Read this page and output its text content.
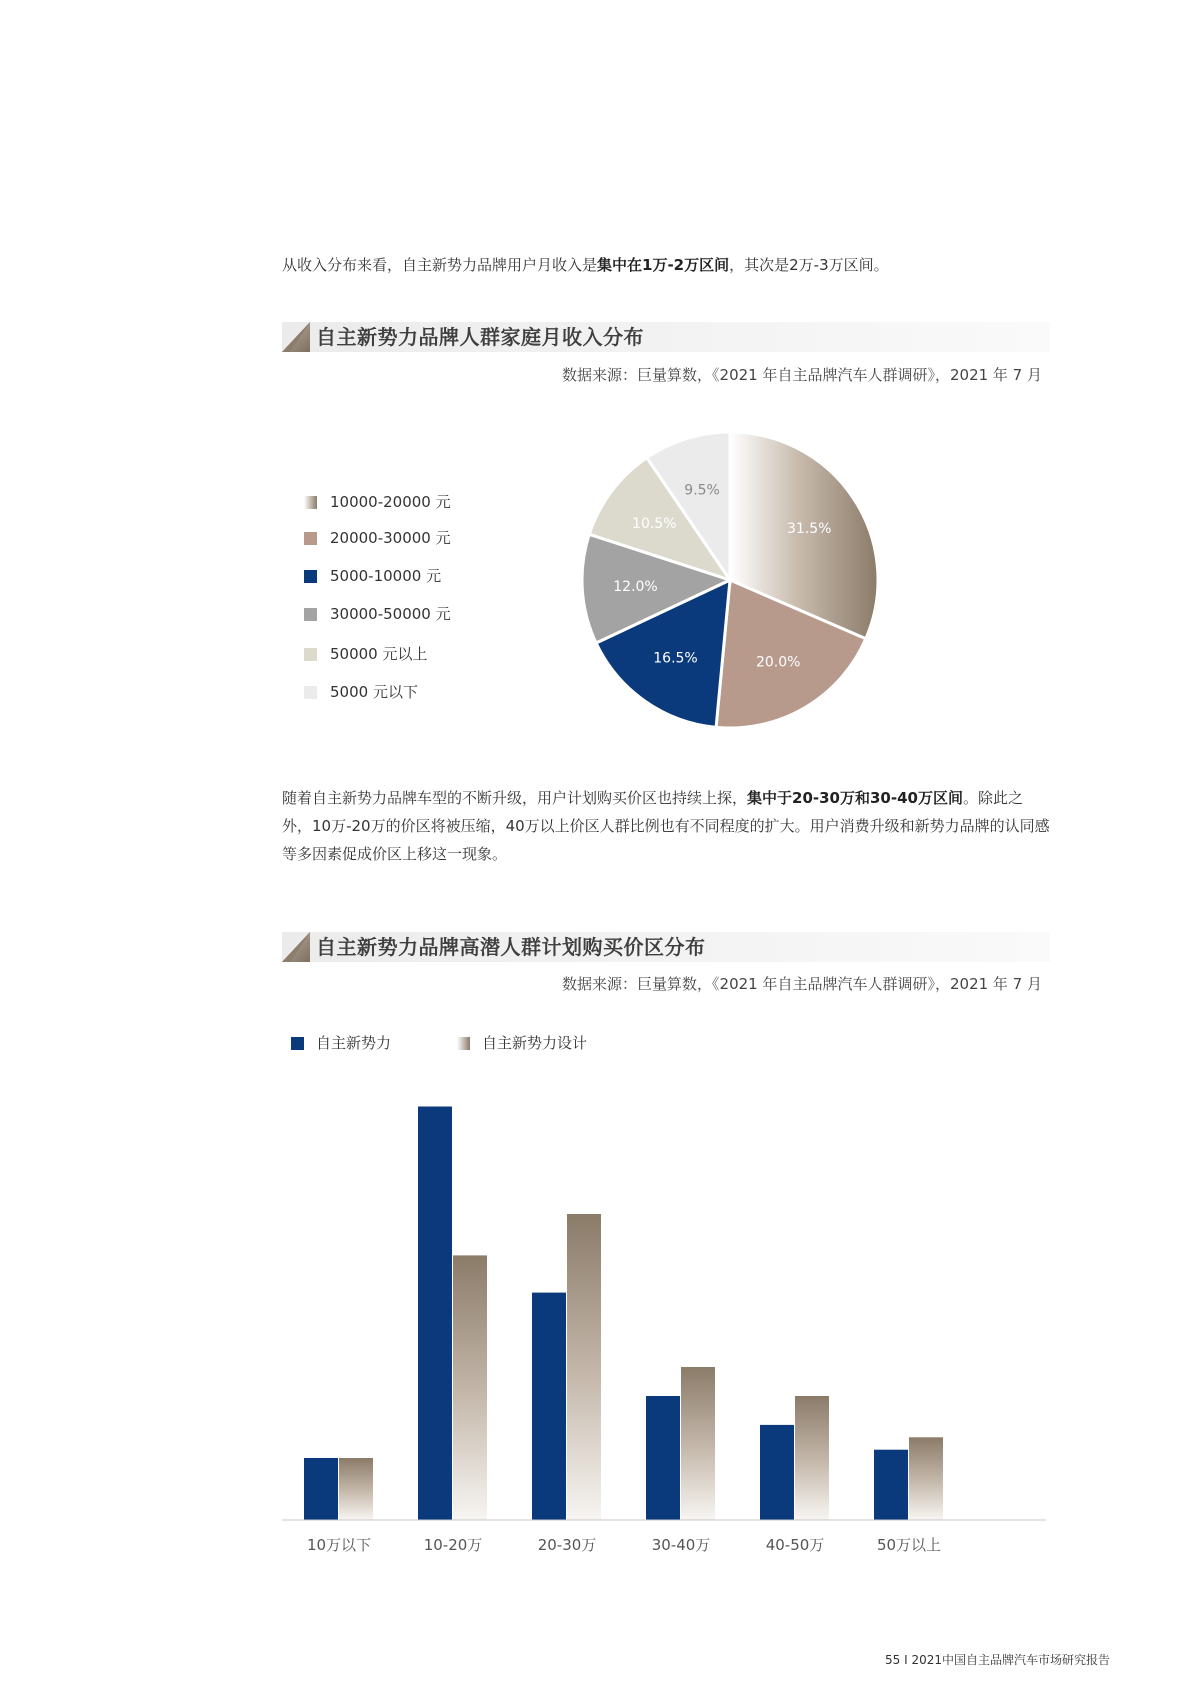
从收入分布来看，自主新势力品牌用户月收入是集中在1万-2万区间，其次是2万-3万区间。
自主新势力品牌人群家庭月收入分布
数据来源：巨量算数，《2021 年自主品牌汽车人群调研》，2021 年 7 月
10000-20000 元
20000-30000 元
5000-10000 元
30000-50000 元
50000 元以上
5000 元以下
31.5%
20.0%
16.5%
12.0%
10.5%
9.5%
随着自主新势力品牌车型的不断升级，用户计划购买价区也持续上探，集中于20-30万和30-40万区间。除此之外，10万-20万的价区将被压缩，40万以上价区人群比例也有不同程度的扩大。用户消费升级和新势力品牌的认同感等多因素促成价区上移这一现象。
自主新势力品牌高潜人群计划购买价区分布
数据来源：巨量算数，《2021 年自主品牌汽车人群调研》，2021 年 7 月
自主新势力	自主新势力设计
10万以下	10-20万	20-30万	30-40万	40-50万	50万以上
55 I 2021中国自主品牌汽车市场研究报告
